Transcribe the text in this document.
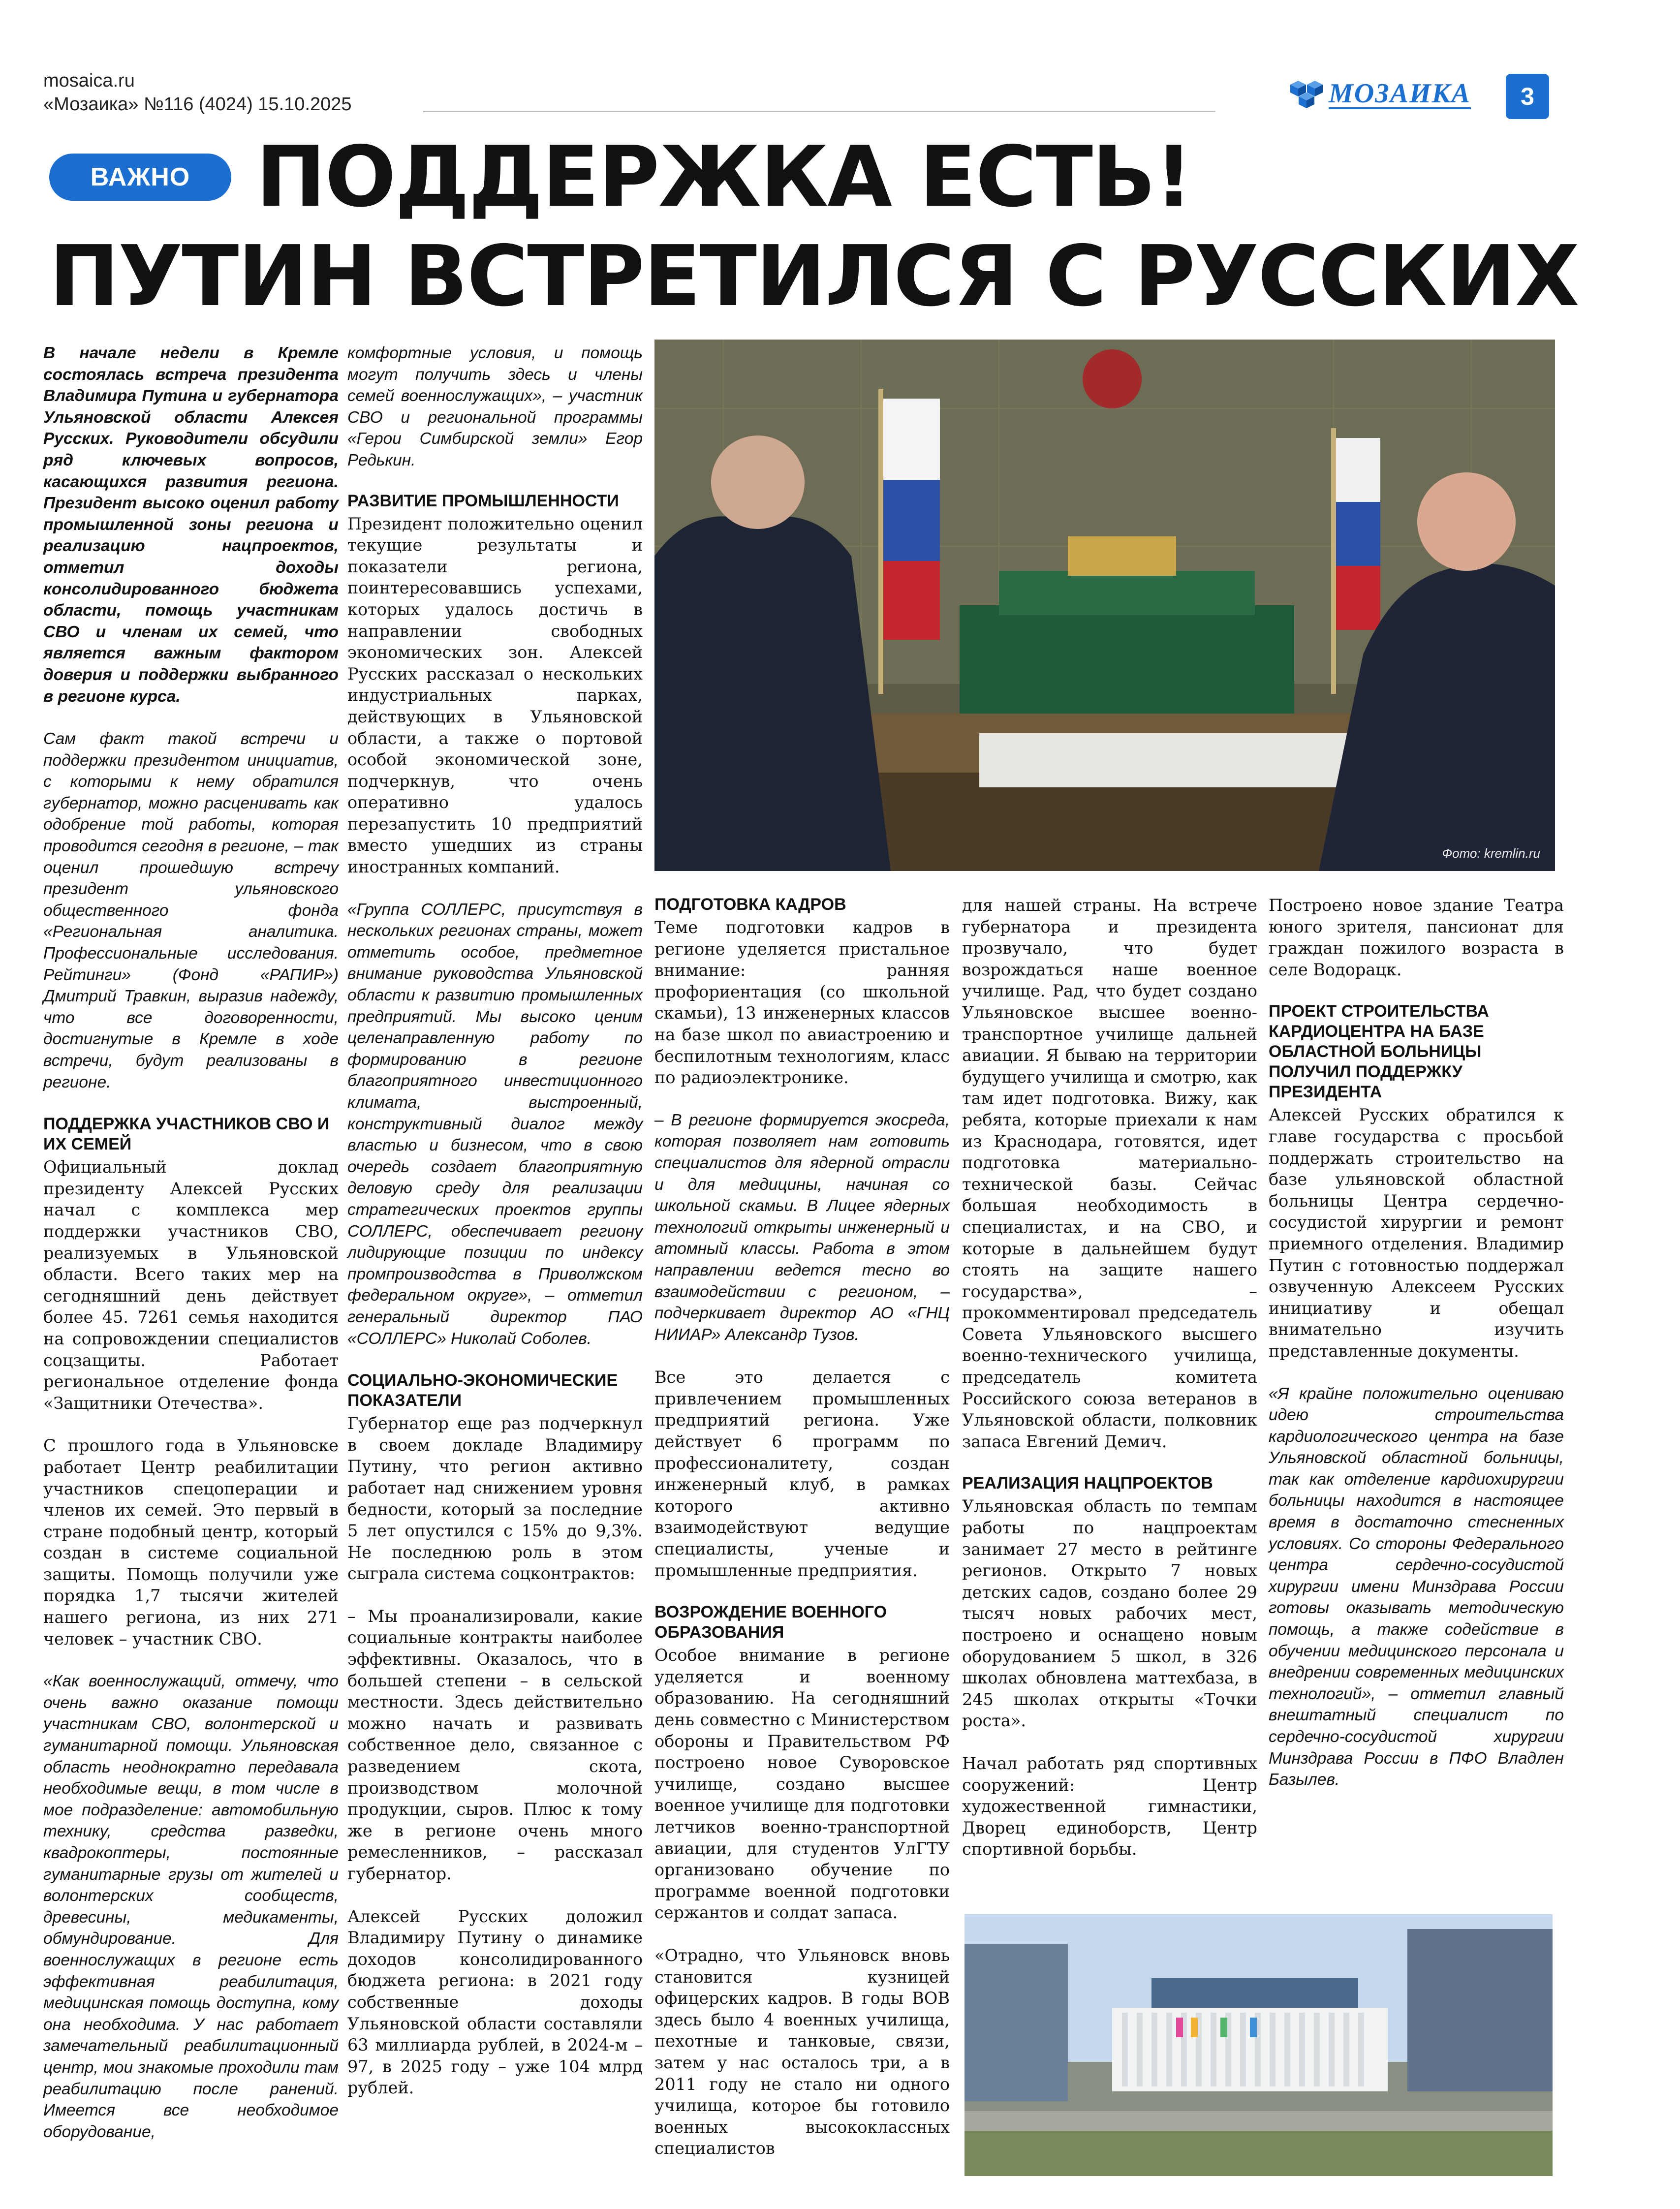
mosaica.ru
«Мозаика» №116 (4024) 15.10.2025	МОЗАИКА	3
ВАЖНО ПОДДЕРЖКА ЕСТЬ!
ПУТИН ВСТРЕТИЛСЯ С РУССКИХ
Фото: kremlin.ru

В начале недели в Кремле состоялась встреча президента Владимира Путина и губернатора Ульяновской области Алексея Русских. Руководители обсудили ряд ключевых вопросов, касающихся развития региона. Президент высоко оценил работу промышленной зоны региона и реализацию нацпроектов, отметил доходы консолидированного бюджета области, помощь участникам СВО и членам их семей, что является важным фактором доверия и поддержки выбранного в регионе курса.

Сам факт такой встречи и поддержки президентом инициатив, с которыми к нему обратился губернатор, можно расценивать как одобрение той работы, которая проводится сегодня в регионе, – так оценил прошедшую встречу президент ульяновского общественного фонда «Региональная аналитика. Профессиональные исследования. Рейтинги» (Фонд «РАПИР») Дмитрий Травкин, выразив надежду, что все договоренности, достигнутые в Кремле в ходе встречи, будут реализованы в регионе.

ПОДДЕРЖКА УЧАСТНИКОВ СВО И ИХ СЕМЕЙ

Официальный доклад президенту Алексей Русских начал с комплекса мер поддержки участников СВО, реализуемых в Ульяновской области. Всего таких мер на сегодняшний день действует более 45. 7261 семья находится на сопровождении специалистов соцзащиты. Работает региональное отделение фонда «Защитники Отечества».

С прошлого года в Ульяновске работает Центр реабилитации участников спецоперации и членов их семей. Это первый в стране подобный центр, который создан в системе социальной защиты. Помощь получили уже порядка 1,7 тысячи жителей нашего региона, из них 271 человек – участник СВО.

«Как военнослужащий, отмечу, что очень важно оказание помощи участникам СВО, волонтерской и гуманитарной помощи. Ульяновская область неоднократно передавала необходимые вещи, в том числе в мое подразделение: автомобильную технику, средства разведки, квадрокоптеры, постоянные гуманитарные грузы от жителей и волонтерских сообществ, древесины, медикаменты, обмундирование. Для военнослужащих в регионе есть эффективная реабилитация, медицинская помощь доступна, кому она необходима. У нас работает замечательный реабилитационный центр, мои знакомые проходили там реабилитацию после ранений. Имеется все необходимое оборудование,

комфортные условия, и помощь могут получить здесь и члены семей военнослужащих», – участник СВО и региональной программы «Герои Симбирской земли» Егор Редькин.

РАЗВИТИЕ ПРОМЫШЛЕННОСТИ

Президент положительно оценил текущие результаты и показатели региона, поинтересовавшись успехами, которых удалось достичь в направлении свободных экономических зон. Алексей Русских рассказал о нескольких индустриальных парках, действующих в Ульяновской области, а также о портовой особой экономической зоне, подчеркнув, что очень оперативно удалось перезапустить 10 предприятий вместо ушедших из страны иностранных компаний.

«Группа СОЛЛЕРС, присутствуя в нескольких регионах страны, может отметить особое, предметное внимание руководства Ульяновской области к развитию промышленных предприятий. Мы высоко ценим целенаправленную работу по формированию в регионе благоприятного инвестиционного климата, выстроенный, конструктивный диалог между властью и бизнесом, что в свою очередь создает благоприятную деловую среду для реализации стратегических проектов группы СОЛЛЕРС, обеспечивает региону лидирующие позиции по индексу промпроизводства в Приволжском федеральном округе», – отметил генеральный директор ПАО «СОЛЛЕРС» Николай Соболев.

СОЦИАЛЬНО-ЭКОНОМИЧЕСКИЕ ПОКАЗАТЕЛИ

Губернатор еще раз подчеркнул в своем докладе Владимиру Путину, что регион активно работает над снижением уровня бедности, который за последние 5 лет опустился с 15% до 9,3%. Не последнюю роль в этом сыграла система соцконтрактов:

– Мы проанализировали, какие социальные контракты наиболее эффективны. Оказалось, что в большей степени – в сельской местности. Здесь действительно можно начать и развивать собственное дело, связанное с разведением скота, производством молочной продукции, сыров. Плюс к тому же в регионе очень много ремесленников, – рассказал губернатор.

Алексей Русских доложил Владимиру Путину о динамике доходов консолидированного бюджета региона: в 2021 году собственные доходы Ульяновской области составляли 63 миллиарда рублей, в 2024-м – 97, в 2025 году – уже 104 млрд рублей.

ПОДГОТОВКА КАДРОВ

Теме подготовки кадров в регионе уделяется пристальное внимание: ранняя профориентация (со школьной скамьи), 13 инженерных классов на базе школ по авиастроению и беспилотным технологиям, класс по радиоэлектронике.

– В регионе формируется экосреда, которая позволяет нам готовить специалистов для ядерной отрасли и для медицины, начиная со школьной скамьи. В Лицее ядерных технологий открыты инженерный и атомный классы. Работа в этом направлении ведется тесно во взаимодействии с регионом, – подчеркивает директор АО «ГНЦ НИИАР» Александр Тузов.

Все это делается с привлечением промышленных предприятий региона. Уже действует 6 программ по профессионалитету, создан инженерный клуб, в рамках которого активно взаимодействуют ведущие специалисты, ученые и промышленные предприятия.

ВОЗРОЖДЕНИЕ ВОЕННОГО ОБРАЗОВАНИЯ

Особое внимание в регионе уделяется и военному образованию. На сегодняшний день совместно с Министерством обороны и Правительством РФ построено новое Суворовское училище, создано высшее военное училище для подготовки летчиков военно-транспортной авиации, для студентов УлГТУ организовано обучение по программе военной подготовки сержантов и солдат запаса.

«Отрадно, что Ульяновск вновь становится кузницей офицерских кадров. В годы ВОВ здесь было 4 военных училища, пехотные и танковые, связи, затем у нас осталось три, а в 2011 году не стало ни одного училища, которое бы готовило военных высококлассных специалистов

для нашей страны. На встрече губернатора и президента прозвучало, что будет возрождаться наше военное училище. Рад, что будет создано Ульяновское высшее военно-транспортное училище дальней авиации. Я бываю на территории будущего училища и смотрю, как там идет подготовка. Вижу, как ребята, которые приехали к нам из Краснодара, готовятся, идет подготовка материально-технической базы. Сейчас большая необходимость в специалистах, и на СВО, и которые в дальнейшем будут стоять на защите нашего государства», – прокомментировал председатель Совета Ульяновского высшего военно-технического училища, председатель комитета Российского союза ветеранов в Ульяновской области, полковник запаса Евгений Демич.

РЕАЛИЗАЦИЯ НАЦПРОЕКТОВ

Ульяновская область по темпам работы по нацпроектам занимает 27 место в рейтинге регионов. Открыто 7 новых детских садов, создано более 29 тысяч новых рабочих мест, построено и оснащено новым оборудованием 5 школ, в 326 школах обновлена маттехбаза, в 245 школах открыты «Точки роста».

Начал работать ряд спортивных сооружений: Центр художественной гимнастики, Дворец единоборств, Центр спортивной борьбы.

Построено новое здание Театра юного зрителя, пансионат для граждан пожилого возраста в селе Водорацк.

ПРОЕКТ СТРОИТЕЛЬСТВА КАРДИОЦЕНТРА НА БАЗЕ ОБЛАСТНОЙ БОЛЬНИЦЫ ПОЛУЧИЛ ПОДДЕРЖКУ ПРЕЗИДЕНТА

Алексей Русских обратился к главе государства с просьбой поддержать строительство на базе ульяновской областной больницы Центра сердечно-сосудистой хирургии и ремонт приемного отделения. Владимир Путин с готовностью поддержал озвученную Алексеем Русских инициативу и обещал внимательно изучить представленные документы.

«Я крайне положительно оцениваю идею строительства кардиологического центра на базе Ульяновской областной больницы, так как отделение кардиохирургии больницы находится в настоящее время в достаточно стесненных условиях. Со стороны Федерального центра сердечно-сосудистой хирургии имени Минздрава России готовы оказывать методическую помощь, а также содействие в обучении медицинского персонала и внедрении современных медицинских технологий», – отметил главный внештатный специалист по сердечно-сосудистой хирургии Минздрава России в ПФО Владлен Базылев.
